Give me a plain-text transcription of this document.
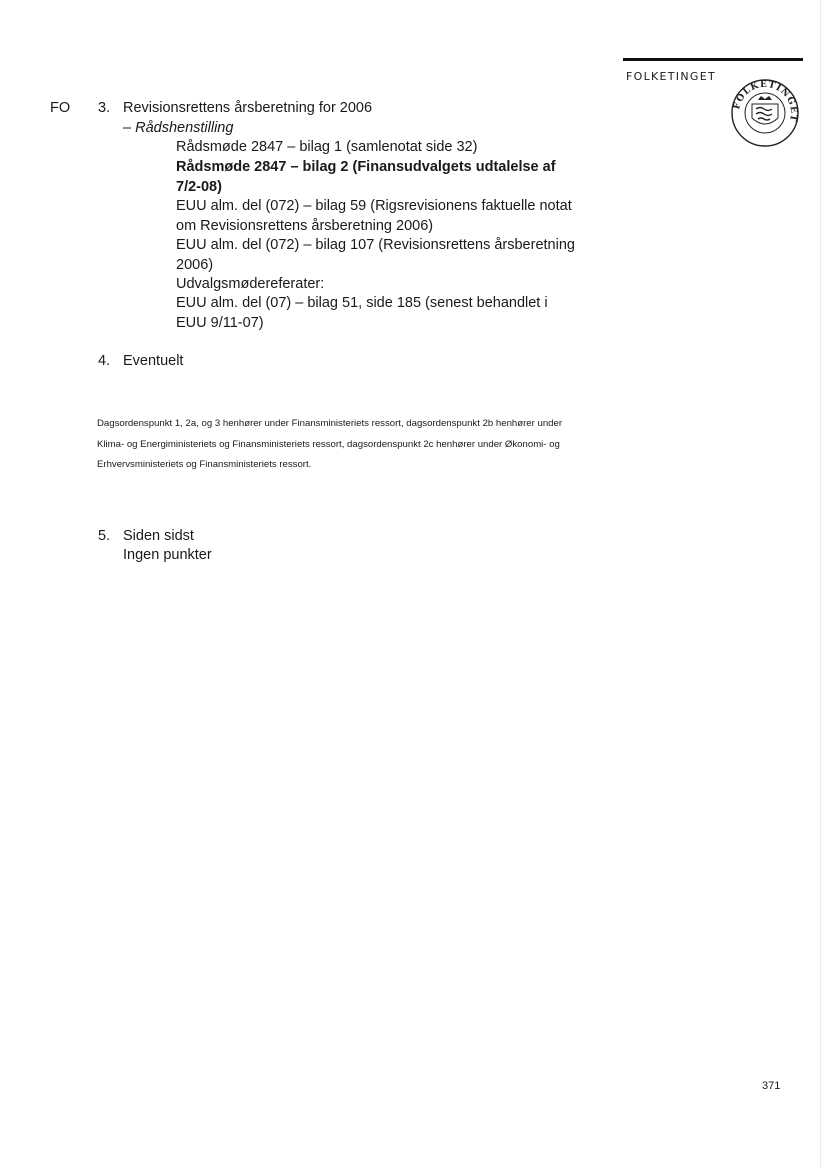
FOLKETINGET
FOLKETINGET
FO 3. Revisionsrettens årsberetning for 2006
– Rådshenstilling
Rådsmøde 2847 – bilag 1 (samlenotat side 32)
Rådsmøde 2847 – bilag 2 (Finansudvalgets udtalelse af 7/2-08)
EUU alm. del (072) – bilag 59 (Rigsrevisionens faktuelle notat om Revisionsrettens årsberetning 2006)
EUU alm. del (072) – bilag 107 (Revisionsrettens årsberetning 2006)
Udvalgsmødereferater:
EUU alm. del (07) – bilag 51, side 185 (senest behandlet i EUU 9/11-07)
4. Eventuelt
Dagsordenspunkt 1, 2a, og 3 henhører under Finansministeriets ressort, dagsordenspunkt 2b henhører under Klima- og Energiministeriets og Finansministeriets ressort, dagsordenspunkt 2c henhører under Økonomi- og Erhvervsministeriets og Finansministeriets ressort.
5. Siden sidst
Ingen punkter
371
